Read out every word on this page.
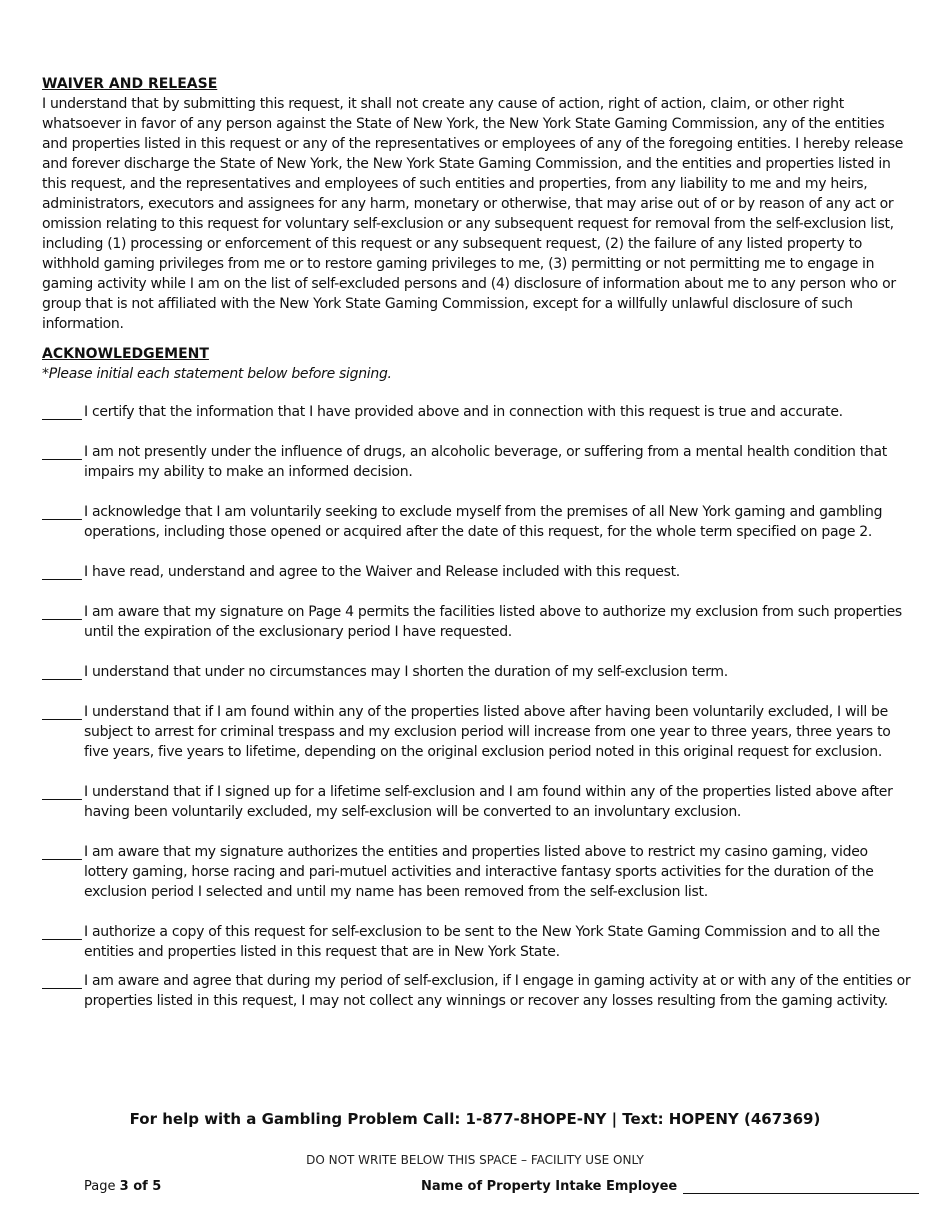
WAIVER AND RELEASE
I understand that by submitting this request, it shall not create any cause of action, right of action, claim, or other right whatsoever in favor of any person against the State of New York, the New York State Gaming Commission, any of the entities and properties listed in this request or any of the representatives or employees of any of the foregoing entities. I hereby release and forever discharge the State of New York, the New York State Gaming Commission, and the entities and properties listed in this request, and the representatives and employees of such entities and properties, from any liability to me and my heirs, administrators, executors and assignees for any harm, monetary or otherwise, that may arise out of or by reason of any act or omission relating to this request for voluntary self-exclusion or any subsequent request for removal from the self-exclusion list, including (1) processing or enforcement of this request or any subsequent request, (2) the failure of any listed property to withhold gaming privileges from me or to restore gaming privileges to me, (3) permitting or not permitting me to engage in gaming activity while I am on the list of self-excluded persons and (4) disclosure of information about me to any person who or group that is not affiliated with the New York State Gaming Commission, except for a willfully unlawful disclosure of such information.
ACKNOWLEDGEMENT
*Please initial each statement below before signing.
I certify that the information that I have provided above and in connection with this request is true and accurate.
I am not presently under the influence of drugs, an alcoholic beverage, or suffering from a mental health condition that impairs my ability to make an informed decision.
I acknowledge that I am voluntarily seeking to exclude myself from the premises of all New York gaming and gambling operations, including those opened or acquired after the date of this request, for the whole term specified on page 2.
I have read, understand and agree to the Waiver and Release included with this request.
I am aware that my signature on Page 4 permits the facilities listed above to authorize my exclusion from such properties until the expiration of the exclusionary period I have requested.
I understand that under no circumstances may I shorten the duration of my self-exclusion term.
I understand that if I am found within any of the properties listed above after having been voluntarily excluded, I will be subject to arrest for criminal trespass and my exclusion period will increase from one year to three years, three years to five years, five years to lifetime, depending on the original exclusion period noted in this original request for exclusion.
I understand that if I signed up for a lifetime self-exclusion and I am found within any of the properties listed above after having been voluntarily excluded, my self-exclusion will be converted to an involuntary exclusion.
I am aware that my signature authorizes the entities and properties listed above to restrict my casino gaming, video lottery gaming, horse racing and pari-mutuel activities and interactive fantasy sports activities for the duration of the exclusion period I selected and until my name has been removed from the self-exclusion list.
I authorize a copy of this request for self-exclusion to be sent to the New York State Gaming Commission and to all the entities and properties listed in this request that are in New York State.
I am aware and agree that during my period of self-exclusion, if I engage in gaming activity at or with any of the entities or properties listed in this request, I may not collect any winnings or recover any losses resulting from the gaming activity.
For help with a Gambling Problem Call: 1-877-8HOPE-NY | Text: HOPENY (467369)
DO NOT WRITE BELOW THIS SPACE – FACILITY USE ONLY
Page 3 of 5	Name of Property Intake Employee
